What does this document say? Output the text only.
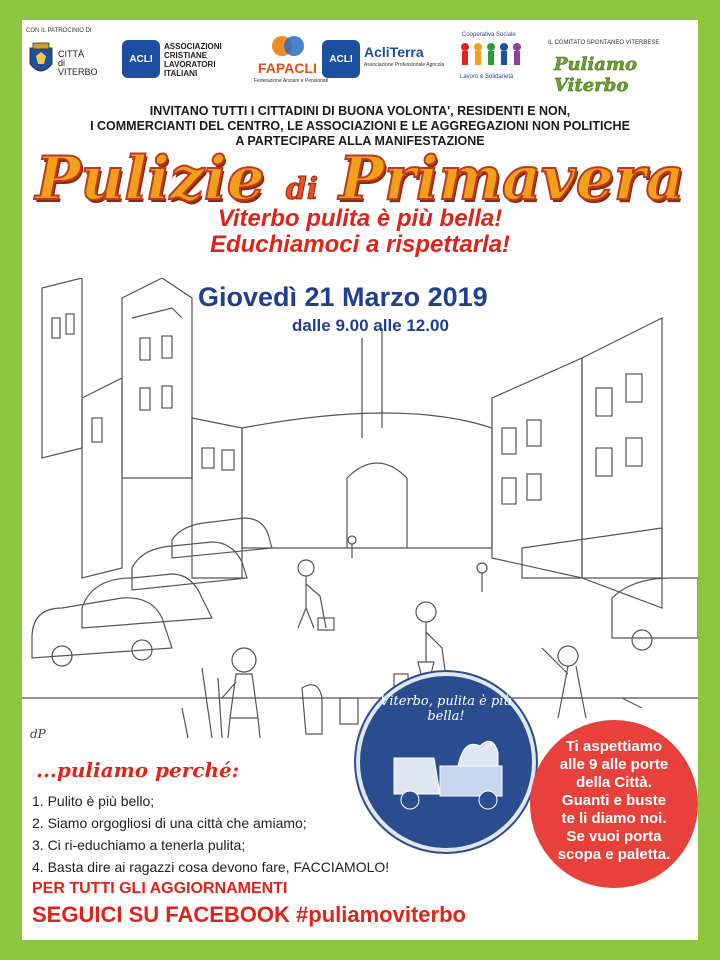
CON IL PATROCINIO DI
CITTÀ
di VITERBO
ACLI
ASSOCIAZIONI
CRISTIANE
LAVORATORI
ITALIANI	FAPACLI
Federazione Anziani e Pensionati
ACLI AcliTerra
Associazione Professionale Agricola
Cooperativa Sociale
Lavoro e Solidarietà
IL COMITATO SPONTANEO VITERBESE
Puliamo Viterbo
INVITANO TUTTI I CITTADINI DI BUONA VOLONTA', RESIDENTI E NON,
I COMMERCIANTI DEL CENTRO, LE ASSOCIAZIONI E LE AGGREGAZIONI NON POLITICHE
A PARTECIPARE ALLA MANIFESTAZIONE
Pulizie di Primavera
Viterbo pulita è più bella!
Educhiamoci a rispettarla!
dP
Giovedì 21 Marzo 2019
dalle 9.00 alle 12.00
Viterbo, pulita è più bella!
Ti aspettiamo
alle 9 alle porte
della Città.
Guanti e buste
te li diamo noi.
Se vuoi porta
scopa e paletta.
...puliamo perché:
1. Pulito è più bello;
2. Siamo orgogliosi di una città che amiamo;
3. Ci ri-educhiamo a tenerla pulita;
4. Basta dire ai ragazzi cosa devono fare, FACCIAMOLO!
PER TUTTI GLI AGGIORNAMENTI
SEGUICI SU FACEBOOK #puliamoviterbo
